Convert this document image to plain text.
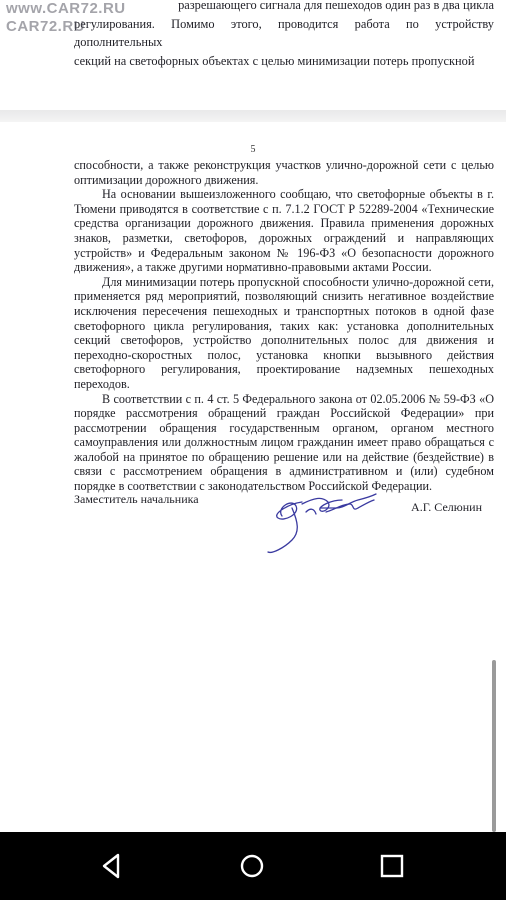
разрешающего сигнала для пешеходов один раз в два цикла

регулирования. Помимо этого, проводится работа по устройству дополнительных

секций на светофорных объектах с целью минимизации потерь пропускной

www.CAR72.RU
CAR72.RU
5

способности, а также реконструкция участков улично-дорожной сети с целью оптимизации дорожного движения.

На основании вышеизложенного сообщаю, что светофорные объекты в г. Тюмени приводятся в соответствие с п. 7.1.2 ГОСТ Р 52289-2004 «Технические средства организации дорожного движения. Правила применения дорожных знаков, разметки, светофоров, дорожных ограждений и направляющих устройств» и Федеральным законом № 196-ФЗ «О безопасности дорожного движения», а также другими нормативно-правовыми актами России.

Для минимизации потерь пропускной способности улично-дорожной сети, применяется ряд мероприятий, позволяющий снизить негативное воздействие исключения пересечения пешеходных и транспортных потоков в одной фазе светофорного цикла регулирования, таких как: установка дополнительных секций светофоров, устройство дополнительных полос для движения и переходно-скоростных полос, установка кнопки вызывного действия светофорного регулирования, проектирование надземных пешеходных переходов.

В соответствии с п. 4 ст. 5 Федерального закона от 02.05.2006 № 59-ФЗ «О порядке рассмотрения обращений граждан Российской Федерации» при рассмотрении обращения государственным органом, органом местного самоуправления или должностным лицом гражданин имеет право обращаться с жалобой на принятое по обращению решение или на действие (бездействие) в связи с рассмотрением обращения в административном и (или) судебном порядке в соответствии с законодательством Российской Федерации.

Заместитель начальника
А.Г. Селюнин
